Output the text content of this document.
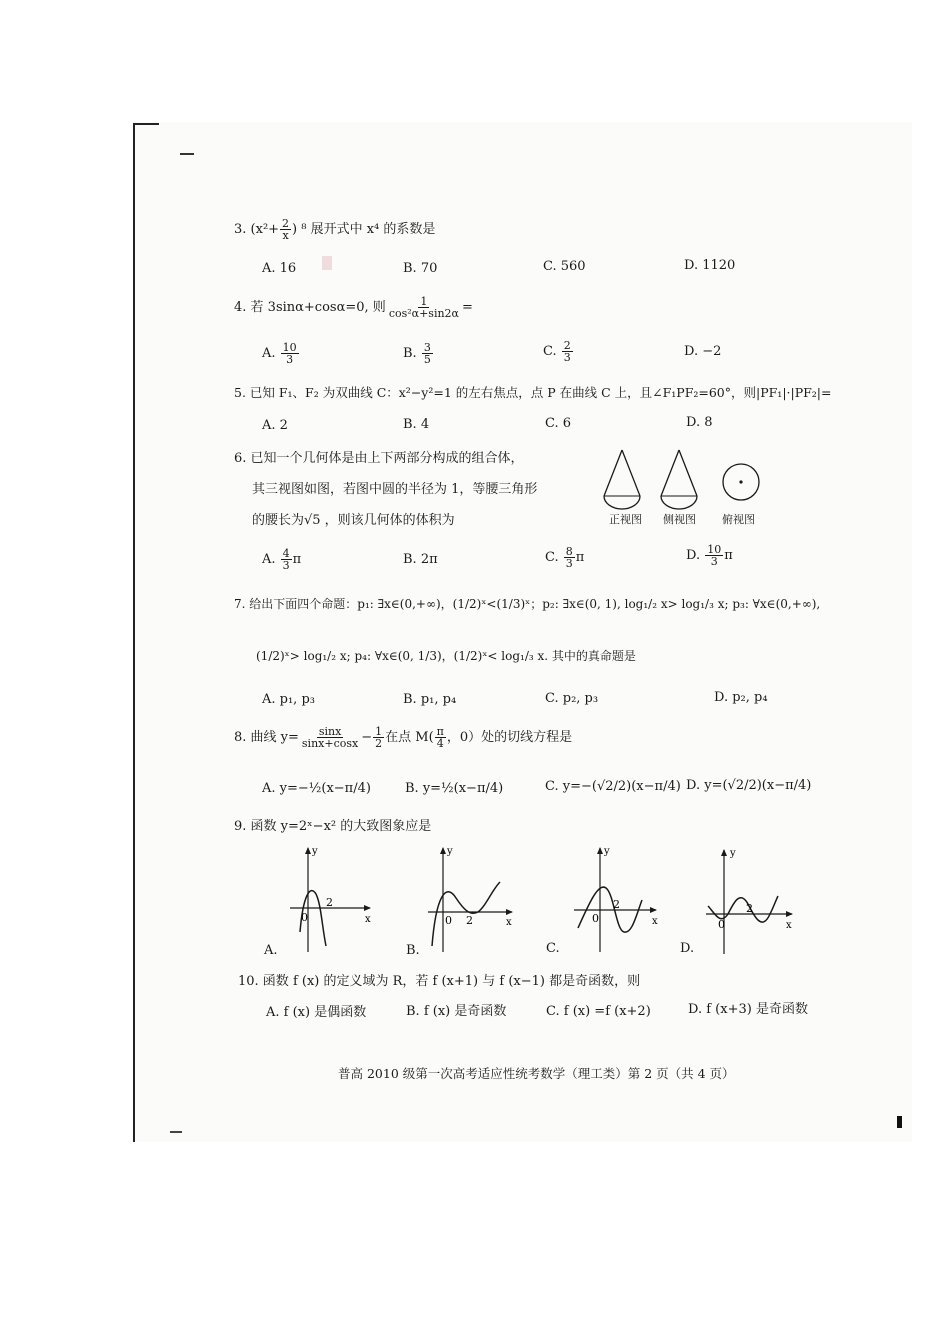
3. ($x^2+ \frac{2}{x}$ ) ⁸ 展开式中 x⁴ 的系数是
A. 16	B. 70	C. 560	D. 1120
4. 若 3sinα+cosα=0, 则 $\frac{1}{\text{cos²α+sin2α}}$ =
A. $\frac{10}{3}$	B. $\frac{3}{5}$	C. $\frac{2}{3}$	D. −2
5. 已知 F₁、F₂ 为双曲线 C：x²−y²=1 的左右焦点，点 P 在曲线 C 上，且∠F₁PF₂=60°，则|PF₁|·|PF₂|=
A. 2	B. 4	C. 6	D. 8
6. 已知一个几何体是由上下两部分构成的组合体，
其三视图如图，若图中圆的半径为 1，等腰三角形
的腰长为√5 ，则该几何体的体积为	正视图 侧视图 俯视图
A. $\frac{4}{3}$ π	B. 2π	C. $\frac{8}{3}$ π	D. $\frac{10}{3}$ π
7. 给出下面四个命题：p₁: ∃x∈(0,+∞)，(1/2)ˣ<(1/3)ˣ；p₂: ∃x∈(0, 1), log₁/₂ x> log₁/₃ x; p₃: ∀x∈(0,+∞),
(1/2)ˣ> log₁/₂ x; p₄: ∀x∈(0, 1/3)，(1/2)ˣ< log₁/₃ x. 其中的真命题是
A. p₁, p₃	B. p₁, p₄	C. p₂, p₃	D. p₂, p₄
8. 曲线 $y= \frac{\sin x}{\sin x+\cos x} - \frac{1}{2}$ 在点 $M( \frac{\pi}{4}$ ，0）处的切线方程是
A. y=−½(x−π/4)	B. y=½(x−π/4)	C. y=−(√2/2)(x−π/4) D. y=(√2/2)(x−π/4)
9. 函数 y=2ˣ−x² 的大致图象应是
y
x
0
2
A.
y
x
0 2
B.
y
x
0
2
C.
y
x
0
2
D.
10. 函数 f (x) 的定义域为 R，若 f (x+1) 与 f (x−1) 都是奇函数，则
A. f (x) 是偶函数	B. f (x) 是奇函数	C. f (x) =f (x+2)	D. f (x+3) 是奇函数
普高 2010 级第一次高考适应性统考数学（理工类）第 2 页（共 4 页）
